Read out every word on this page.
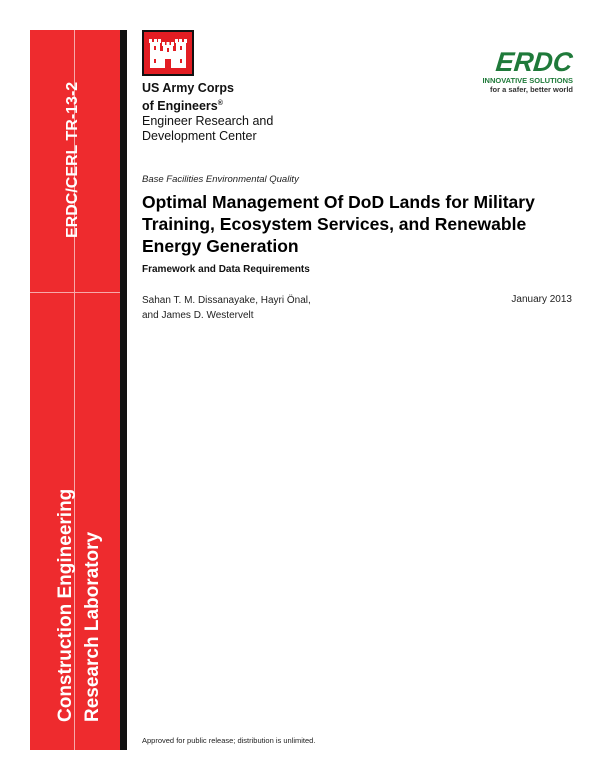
ERDC/CERL TR-13-2
Construction Engineering Research Laboratory
US Army Corps
of Engineers®
Engineer Research and
Development Center
ERDC
INNOVATIVE SOLUTIONS
for a safer, better world
Base Facilities Environmental Quality
Optimal Management Of DoD Lands for Military Training, Ecosystem Services, and Renewable Energy Generation
Framework and Data Requirements
Sahan T. M. Dissanayake, Hayri Önal,
and James D. Westervelt
January 2013
Approved for public release; distribution is unlimited.
